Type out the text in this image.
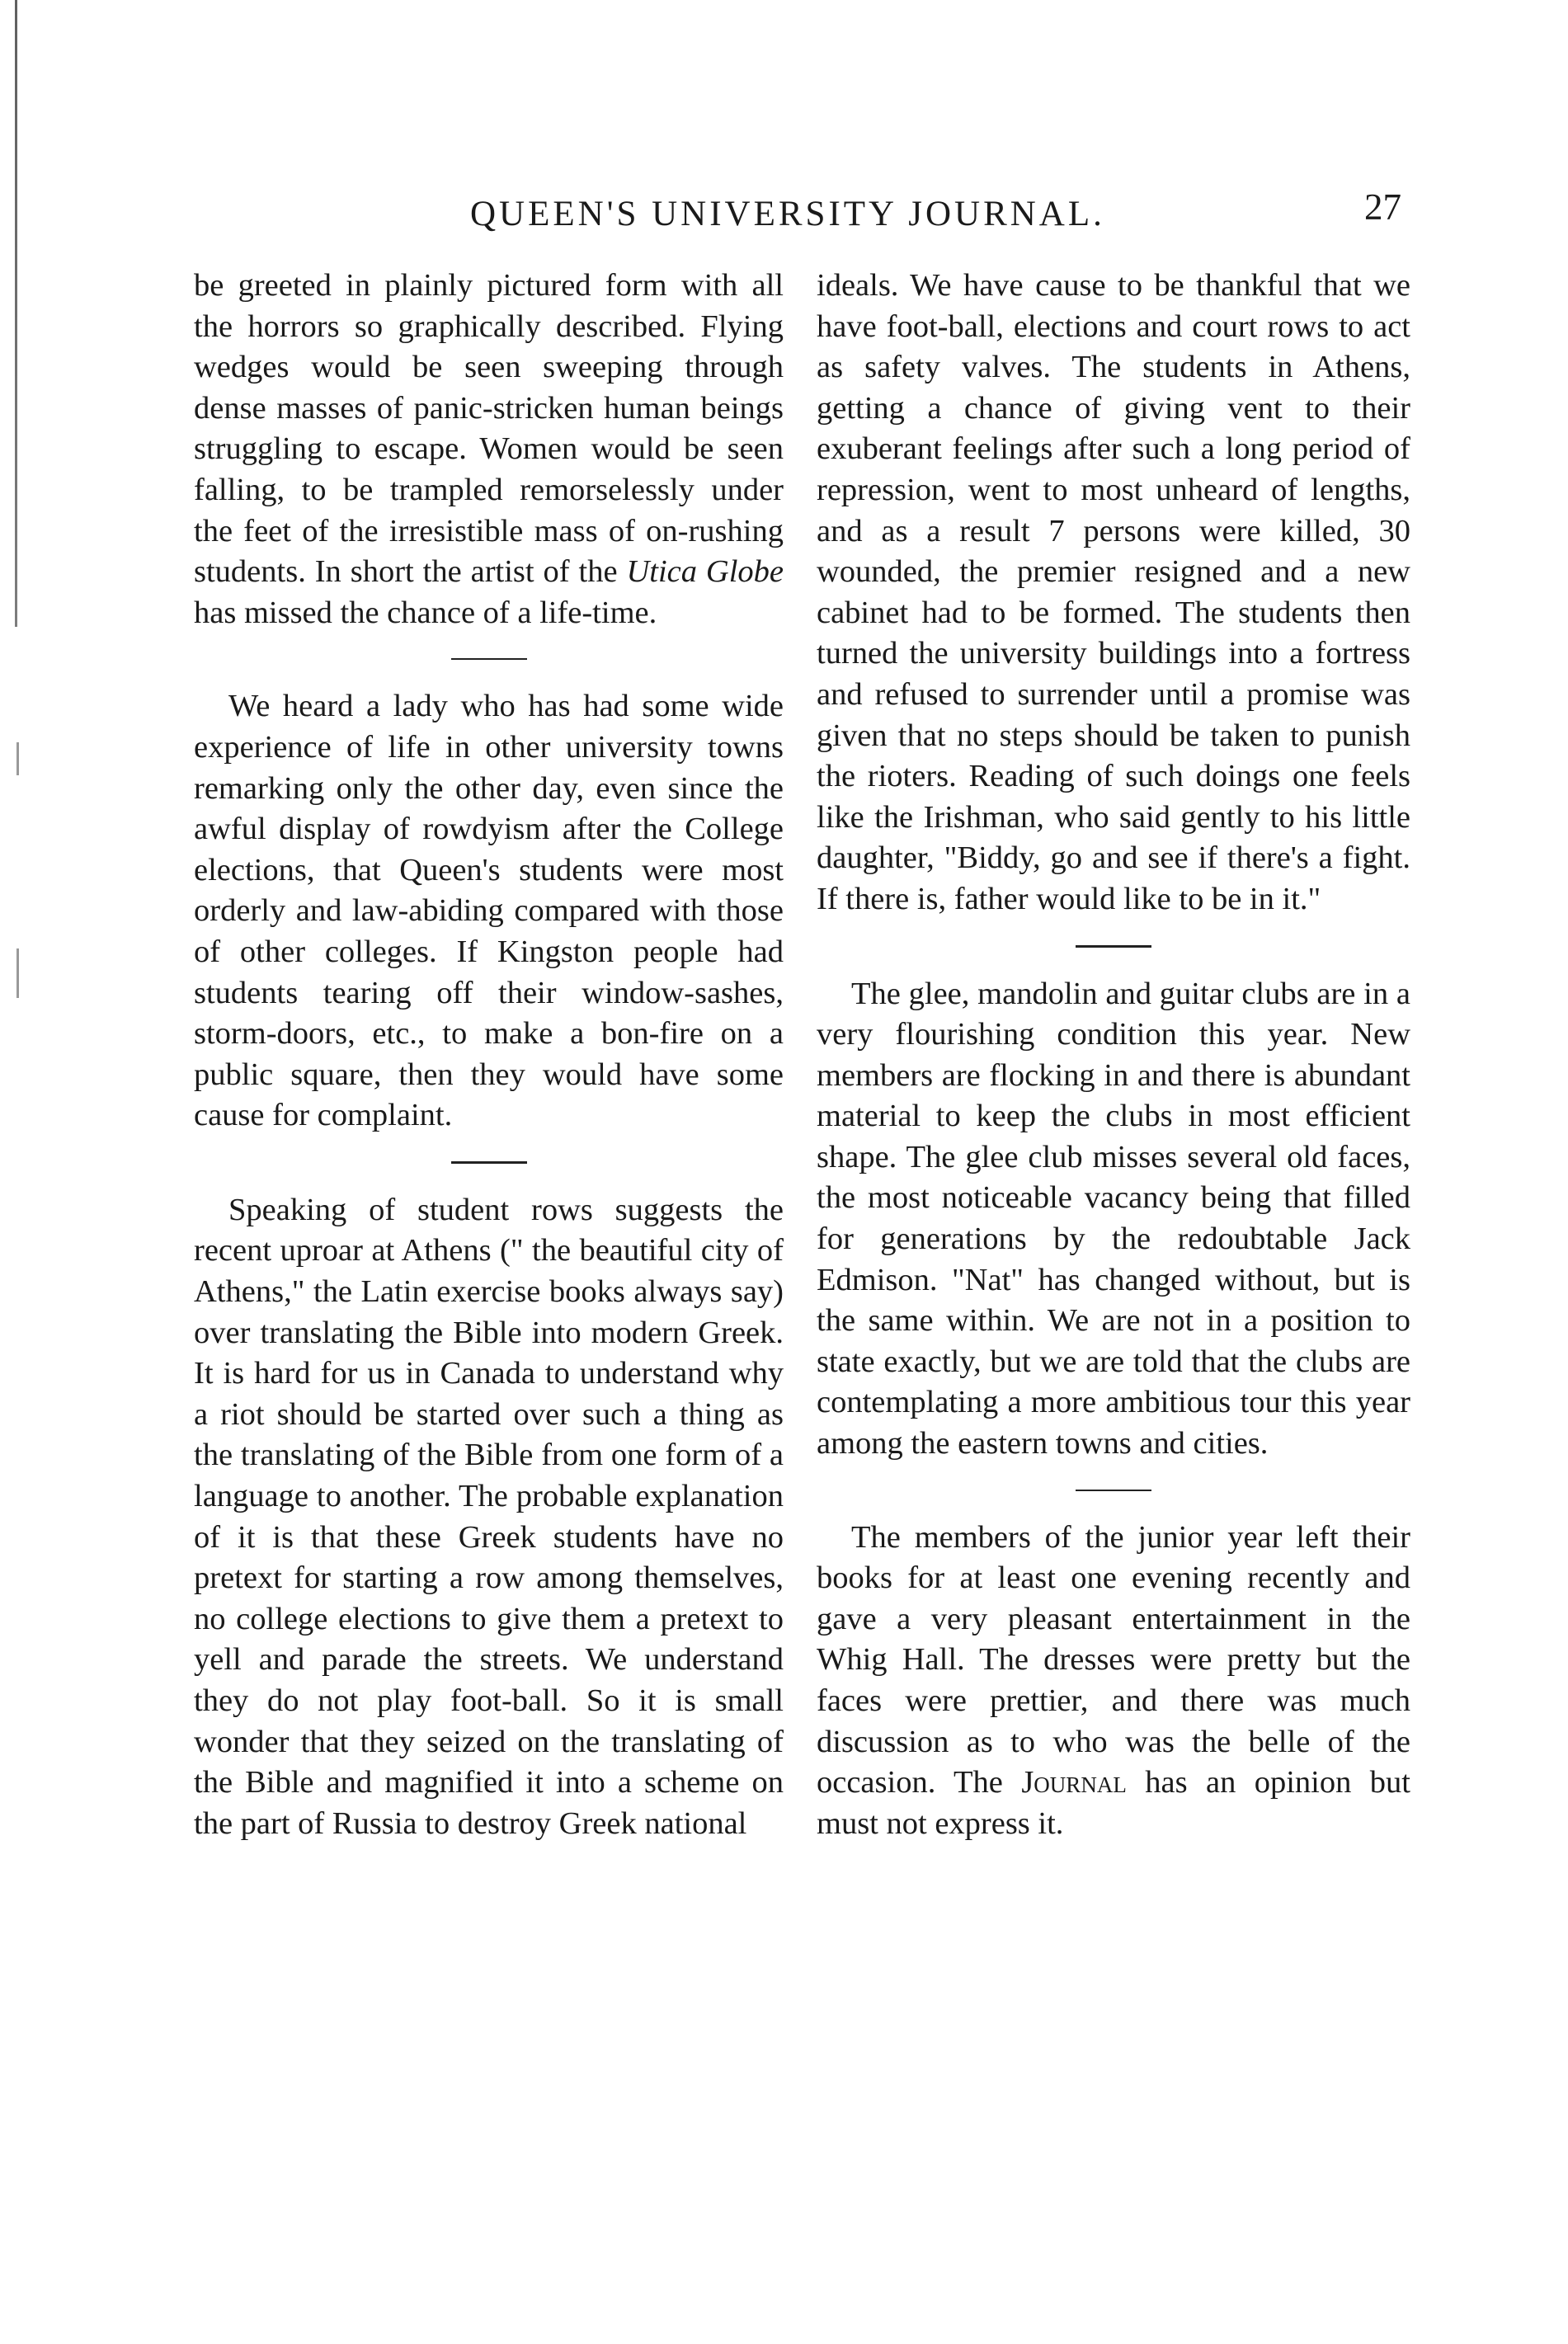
QUEEN'S UNIVERSITY JOURNAL.	27

be greeted in plainly pictured form with all the horrors so graphically described. Flying wedges would be seen sweeping through dense masses of panic-stricken human beings struggling to escape. Women would be seen falling, to be trampled remorselessly under the feet of the irresistible mass of on-rushing students. In short the artist of the Utica Globe has missed the chance of a life-time.

We heard a lady who has had some wide experience of life in other university towns remarking only the other day, even since the awful display of rowdyism after the College elections, that Queen's students were most orderly and law-abiding compared with those of other colleges. If Kingston people had students tearing off their window-sashes, storm-doors, etc., to make a bon-fire on a public square, then they would have some cause for complaint.

Speaking of student rows suggests the recent uproar at Athens (" the beautiful city of Athens," the Latin exercise books always say) over translating the Bible into modern Greek. It is hard for us in Canada to understand why a riot should be started over such a thing as the translating of the Bible from one form of a language to another. The probable explanation of it is that these Greek students have no pretext for starting a row among themselves, no college elections to give them a pretext to yell and parade the streets. We understand they do not play foot-ball. So it is small wonder that they seized on the translating of the Bible and magnified it into a scheme on the part of Russia to destroy Greek national

ideals. We have cause to be thankful that we have foot-ball, elections and court rows to act as safety valves. The students in Athens, getting a chance of giving vent to their exuberant feelings after such a long period of repression, went to most unheard of lengths, and as a result 7 persons were killed, 30 wounded, the premier resigned and a new cabinet had to be formed. The students then turned the university buildings into a fortress and refused to surrender until a promise was given that no steps should be taken to punish the rioters. Reading of such doings one feels like the Irishman, who said gently to his little daughter, "Biddy, go and see if there's a fight. If there is, father would like to be in it."

The glee, mandolin and guitar clubs are in a very flourishing condition this year. New members are flocking in and there is abundant material to keep the clubs in most efficient shape. The glee club misses several old faces, the most noticeable vacancy being that filled for generations by the redoubtable Jack Edmison. "Nat" has changed without, but is the same within. We are not in a position to state exactly, but we are told that the clubs are contemplating a more ambitious tour this year among the eastern towns and cities.

The members of the junior year left their books for at least one evening recently and gave a very pleasant entertainment in the Whig Hall. The dresses were pretty but the faces were prettier, and there was much discussion as to who was the belle of the occasion. The Journal has an opinion but must not express it.
